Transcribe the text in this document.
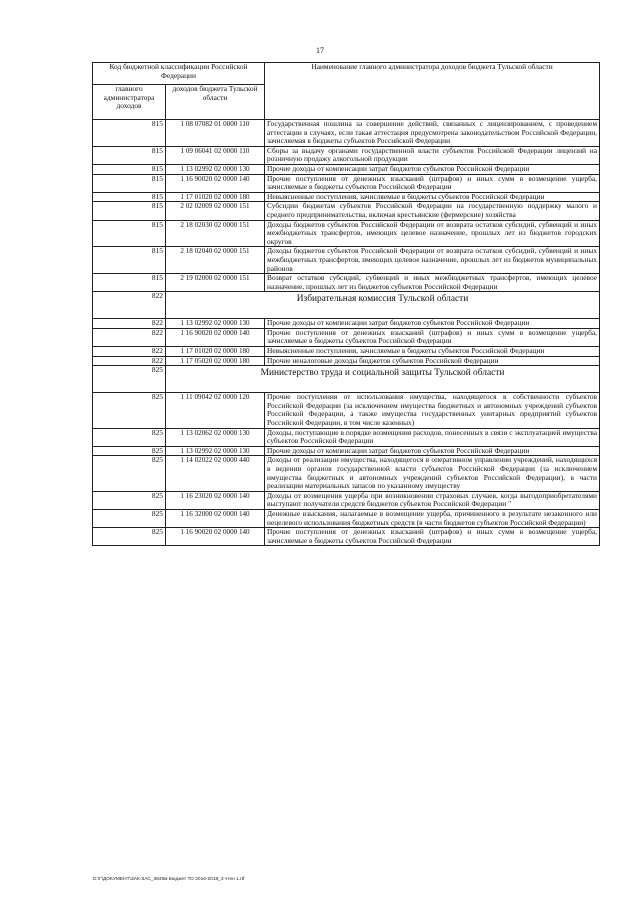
17
Код бюджетной классификации Российской Федерации		Наименование главного администратора доходов бюджета Тульской области
главного администратора доходов	доходов бюджета Тульской области	
815	1 08 07082 01 0000 110	Государственная пошлина за совершение действий, связанных с лицензированием, с проведением аттестации в случаях, если такая аттестация предусмотрена законодательством Российской Федерации, зачисляемая в бюджеты субъектов Российской Федерации
815	1 09 06041 02 0000 110	Сборы за выдачу органами государственной власти субъектов Российской Федерации лицензий на розничную продажу алкогольной продукции
815	1 13 02992 02 0000 130	Прочие доходы от компенсации затрат бюджетов субъектов Российской Федерации
815	1 16 90020 02 0000 140	Прочие поступления от денежных взысканий (штрафов) и иных сумм в возмещение ущерба, зачисляемые в бюджеты субъектов Российской Федерации
815	1 17 01020 02 0000 180	Невыясненные поступления, зачисляемые в бюджеты субъектов Российской Федерации
815	2 02 02009 02 0000 151	Субсидии бюджетам субъектов Российской Федерации на государственную поддержку малого и среднего предпринимательства, включая крестьянские (фермерские) хозяйства
815	2 18 02030 02 0000 151	Доходы бюджетов субъектов Российской Федерации от возврата остатков субсидий, субвенций и иных межбюджетных трансфертов, имеющих целевое назначение, прошлых лет из бюджетов городских округов
815	2 18 02040 02 0000 151	Доходы бюджетов субъектов Российской Федерации от возврата остатков субсидий, субвенций и иных межбюджетных трансфертов, имеющих целевое назначение, прошлых лет из бюджетов муниципальных районов
815	2 19 02000 02 0000 151	Возврат остатков субсидий, субвенций и иных межбюджетных трансфертов, имеющих целевое назначение, прошлых лет из бюджетов субъектов Российской Федерации
822	Избирательная комиссия Тульской области	
822	1 13 02992 02 0000 130	Прочие доходы от компенсации затрат бюджетов субъектов Российской Федерации
822	1 16 90020 02 0000 140	Прочие поступления от денежных взысканий (штрафов) и иных сумм в возмещение ущерба, зачисляемые в бюджеты субъектов Российской Федерации
822	1 17 01020 02 0000 180	Невыясненные поступления, зачисляемые в бюджеты субъектов Российской Федерации
822	1 17 05020 02 0000 180	Прочие неналоговые доходы бюджетов субъектов Российской Федерации
825	Министерство труда и социальной защиты Тульской области	
825	1 11 09042 02 0000 120	Прочие поступления от использования имущества, находящегося в собственности субъектов Российской Федерации (за исключением имущества бюджетных и автономных учреждений субъектов Российской Федерации, а также имущества государственных унитарных предприятий субъектов Российской Федерации, в том числе казенных)
825	1 13 02062 02 0000 130	Доходы, поступающие в порядке возмещения расходов, понесенных в связи с эксплуатацией имущества субъектов Российской Федерации
825	1 13 02992 02 0000 130	Прочие доходы от компенсации затрат бюджетов субъектов Российской Федерации
825	1 14 02022 02 0000 440	Доходы от реализации имущества, находящегося в оперативном управлении учреждений, находящихся в ведении органов государственной власти субъектов Российской Федерации (за исключением имущества бюджетных и автономных учреждений субъектов Российской Федерации), в части реализации материальных запасов по указанному имуществу
825	1 16 23020 02 0000 140	Доходы от возмещения ущерба при возникновении страховых случаев, когда выгодоприобретателями выступают получатели средств бюджетов субъектов Российской Федерации "
825	1 16 32000 02 0000 140	Денежные взыскания, налагаемые в возмещение ущерба, причиненного в результате незаконного или нецелевого использования бюджетных средств (в части бюджетов субъектов Российской Федерации)
825	1 16 90020 02 0000 140	Прочие поступления от денежных взысканий (штрафов) и иных сумм в возмещение ущерба, зачисляемые в бюджеты субъектов Российской Федерации
D:\Г\ДОКУМЕНТ\ЗАК-ЗАС_3649м Бюджет ТО 2016-2018_3 чтен 1.rtf
